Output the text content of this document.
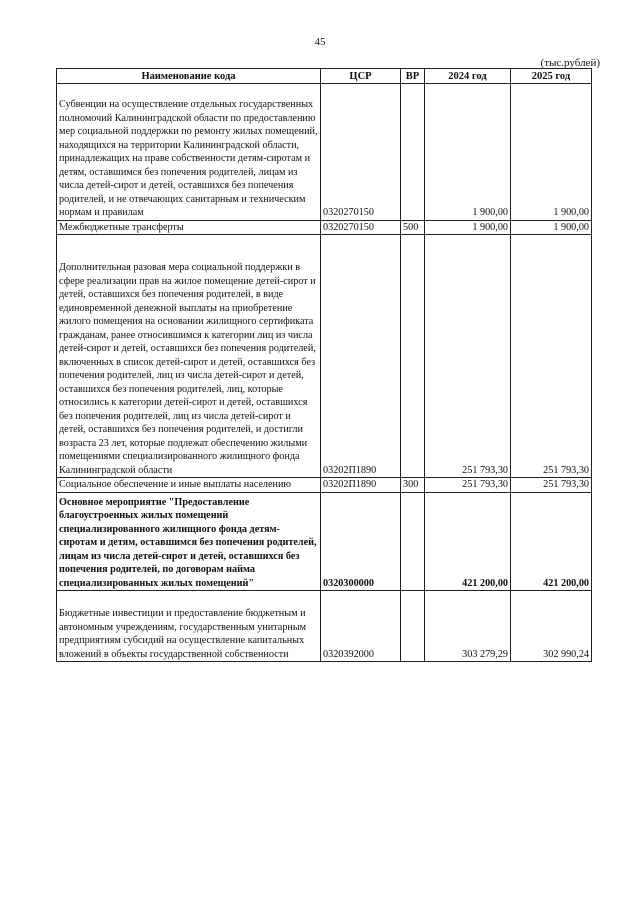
45
(тыс.рублей)
Наименование кода	ЦСР	ВР	2024 год	2025 год
Субвенции на осуществление отдельных государственных полномочий Калининградской области по предоставлению мер социальной поддержки по ремонту жилых помещений, находящихся на территории Калининградской области, принадлежащих на праве собственности детям-сиротам и детям, оставшимся без попечения родителей, лицам из числа детей-сирот и детей, оставшихся без попечения родителей, и не отвечающих санитарным и техническим нормам и правилам	0320270150		1 900,00	1 900,00
Межбюджетные трансферты	0320270150	500	1 900,00	1 900,00
Дополнительная разовая мера социальной поддержки в сфере реализации прав на жилое помещение детей-сирот и детей, оставшихся без попечения родителей, в виде единовременной денежной выплаты на приобретение жилого помещения на основании жилищного сертификата гражданам, ранее относившимся к категории лиц из числа детей-сирот и детей, оставшихся без попечения родителей, включенных в список детей-сирот и детей, оставшихся без попечения родителей, лиц из числа детей-сирот и детей, оставшихся без попечения родителей, лиц, которые относились к категории детей-сирот и детей, оставшихся без попечения родителей, лиц из числа детей-сирот и детей, оставшихся без попечения родителей, и достигли возраста 23 лет, которые подлежат обеспечению жилыми помещениями специализированного жилищного фонда Калининградской области	03202П1890		251 793,30	251 793,30
Социальное обеспечение и иные выплаты населению	03202П1890	300	251 793,30	251 793,30
Основное мероприятие "Предоставление благоустроенных жилых помещений специализированного жилищного фонда детям-сиротам и детям, оставшимся без попечения родителей, лицам из числа детей-сирот и детей, оставшихся без попечения родителей, по договорам найма специализированных жилых помещений"	0320300000		421 200,00	421 200,00
Бюджетные инвестиции и предоставление бюджетным и автономным учреждениям, государственным унитарным предприятиям субсидий на осуществление капитальных вложений в объекты государственной собственности	0320392000		303 279,29	302 990,24
